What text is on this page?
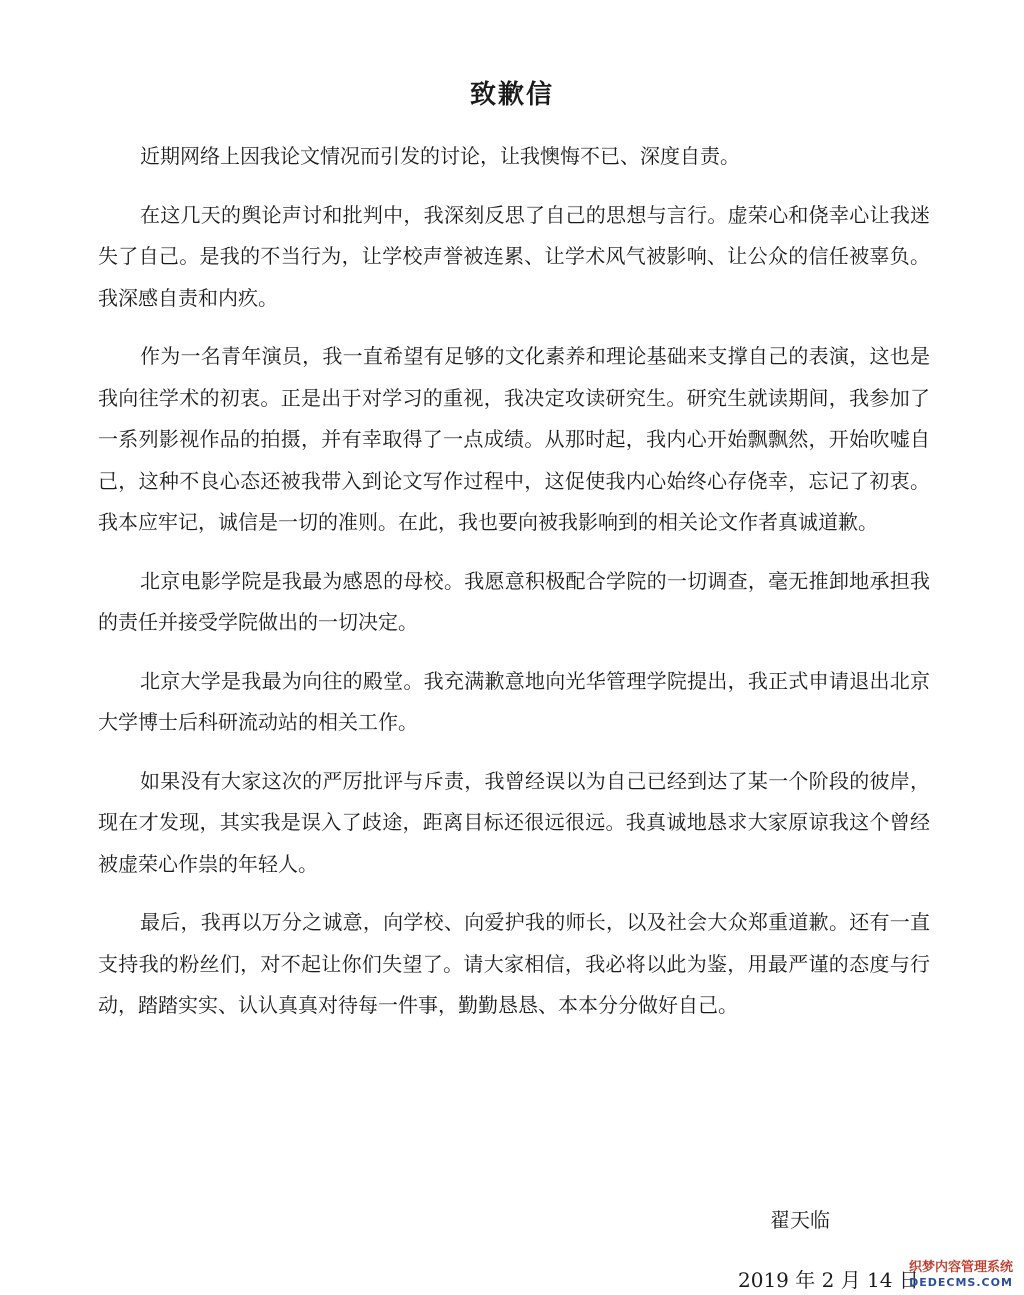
致歉信

近期网络上因我论文情况而引发的讨论，让我懊悔不已、深度自责。

在这几天的舆论声讨和批判中，我深刻反思了自己的思想与言行。虚荣心和侥幸心让我迷失了自己。是我的不当行为，让学校声誉被连累、让学术风气被影响、让公众的信任被辜负。我深感自责和内疚。

作为一名青年演员，我一直希望有足够的文化素养和理论基础来支撑自己的表演，这也是我向往学术的初衷。正是出于对学习的重视，我决定攻读研究生。研究生就读期间，我参加了一系列影视作品的拍摄，并有幸取得了一点成绩。从那时起，我内心开始飘飘然，开始吹嘘自己，这种不良心态还被我带入到论文写作过程中，这促使我内心始终心存侥幸，忘记了初衷。我本应牢记，诚信是一切的准则。在此，我也要向被我影响到的相关论文作者真诚道歉。

北京电影学院是我最为感恩的母校。我愿意积极配合学院的一切调查，毫无推卸地承担我的责任并接受学院做出的一切决定。

北京大学是我最为向往的殿堂。我充满歉意地向光华管理学院提出，我正式申请退出北京大学博士后科研流动站的相关工作。

如果没有大家这次的严厉批评与斥责，我曾经误以为自己已经到达了某一个阶段的彼岸，现在才发现，其实我是误入了歧途，距离目标还很远很远。我真诚地恳求大家原谅我这个曾经被虚荣心作祟的年轻人。

最后，我再以万分之诚意，向学校、向爱护我的师长，以及社会大众郑重道歉。还有一直支持我的粉丝们，对不起让你们失望了。请大家相信，我必将以此为鉴，用最严谨的态度与行动，踏踏实实、认认真真对待每一件事，勤勤恳恳、本本分分做好自己。

翟天临
2019 年 2 月 14 日
织梦内容管理系统
DEDECMS.COM
